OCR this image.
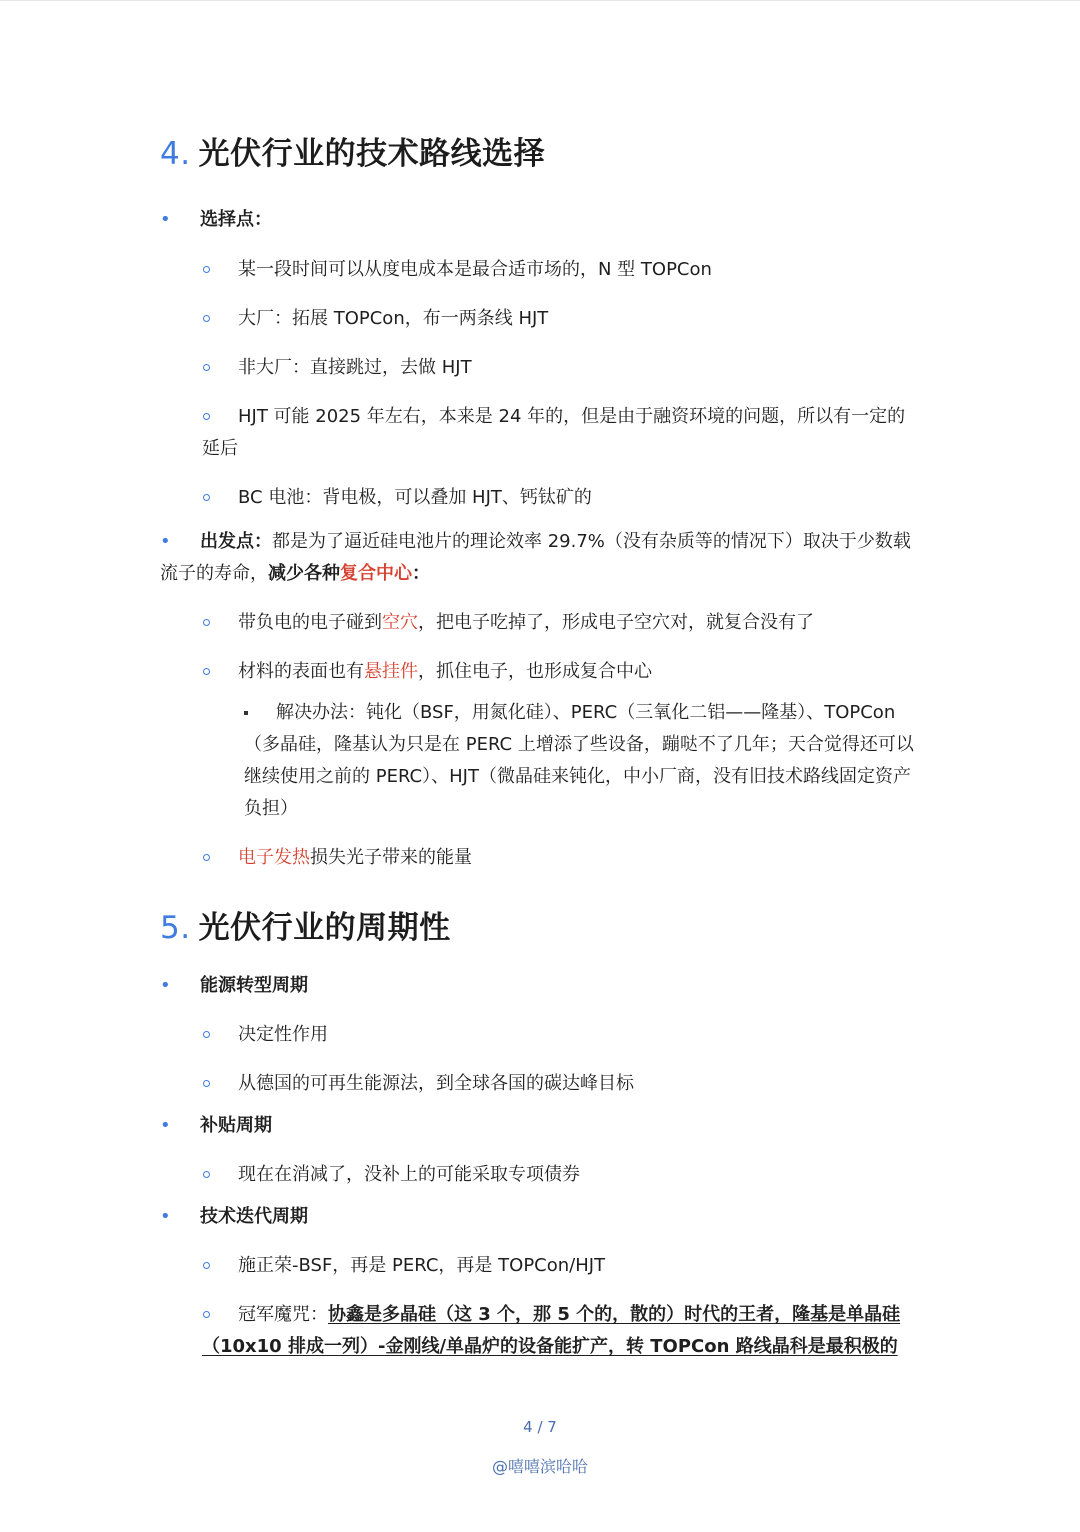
4. 光伏行业的技术路线选择
• 选择点：
某一段时间可以从度电成本是最合适市场的，N 型 TOPCon
大厂：拓展 TOPCon，布一两条线 HJT
非大厂：直接跳过，去做 HJT
HJT 可能 2025 年左右，本来是 24 年的，但是由于融资环境的问题，所以有一定的延后
BC 电池：背电极，可以叠加 HJT、钙钛矿的
• 出发点：都是为了逼近硅电池片的理论效率 29.7%（没有杂质等的情况下）取决于少数载流子的寿命，减少各种复合中心：
带负电的电子碰到空穴，把电子吃掉了，形成电子空穴对，就复合没有了
材料的表面也有悬挂件，抓住电子，也形成复合中心
解决办法：钝化（BSF，用氮化硅）、PERC（三氧化二铝——隆基）、TOPCon（多晶硅，隆基认为只是在 PERC 上增添了些设备，蹦哒不了几年；天合觉得还可以继续使用之前的 PERC）、HJT（微晶硅来钝化，中小厂商，没有旧技术路线固定资产负担）
电子发热损失光子带来的能量
5. 光伏行业的周期性
• 能源转型周期
决定性作用
从德国的可再生能源法，到全球各国的碳达峰目标
• 补贴周期
现在在消减了，没补上的可能采取专项债券
• 技术迭代周期
施正荣-BSF，再是 PERC，再是 TOPCon/HJT
冠军魔咒：协鑫是多晶硅（这 3 个，那 5 个的，散的）时代的王者，隆基是单晶硅（10x10 排成一列）-金刚线/单晶炉的设备能扩产，转 TOPCon 路线晶科是最积极的
4 / 7
@嘻嘻滨哈哈
